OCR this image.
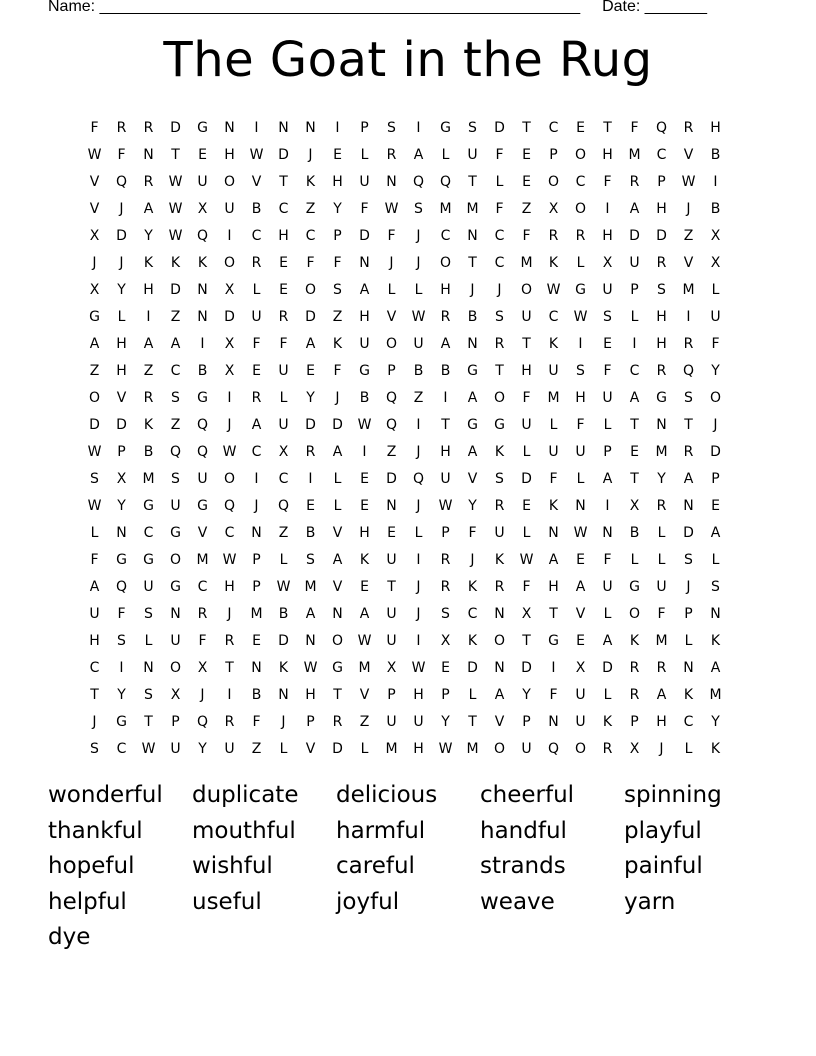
Name: ______________________________________________________ Date: _______
The Goat in the Rug
F	R	R	D	G	N	I	N	N	I	P	S	I	G	S	D	T	C	E	T	F	Q	R	H
W	F	N	T	E	H	W	D	J	E	L	R	A	L	U	F	E	P	O	H	M	C	V	B
V	Q	R	W	U	O	V	T	K	H	U	N	Q	Q	T	L	E	O	C	F	R	P	W	I
V	J	A	W	X	U	B	C	Z	Y	F	W	S	M	M	F	Z	X	O	I	A	H	J	B
X	D	Y	W	Q	I	C	H	C	P	D	F	J	C	N	C	F	R	R	H	D	D	Z	X
J	J	K	K	K	O	R	E	F	F	N	J	J	O	T	C	M	K	L	X	U	R	V	X
X	Y	H	D	N	X	L	E	O	S	A	L	L	H	J	J	O	W	G	U	P	S	M	L
G	L	I	Z	N	D	U	R	D	Z	H	V	W	R	B	S	U	C	W	S	L	H	I	U
A	H	A	A	I	X	F	F	A	K	U	O	U	A	N	R	T	K	I	E	I	H	R	F
Z	H	Z	C	B	X	E	U	E	F	G	P	B	B	G	T	H	U	S	F	C	R	Q	Y
O	V	R	S	G	I	R	L	Y	J	B	Q	Z	I	A	O	F	M	H	U	A	G	S	O
D	D	K	Z	Q	J	A	U	D	D	W	Q	I	T	G	G	U	L	F	L	T	N	T	J
W	P	B	Q	Q	W	C	X	R	A	I	Z	J	H	A	K	L	U	U	P	E	M	R	D
S	X	M	S	U	O	I	C	I	L	E	D	Q	U	V	S	D	F	L	A	T	Y	A	P
W	Y	G	U	G	Q	J	Q	E	L	E	N	J	W	Y	R	E	K	N	I	X	R	N	E
L	N	C	G	V	C	N	Z	B	V	H	E	L	P	F	U	L	N	W	N	B	L	D	A
F	G	G	O	M	W	P	L	S	A	K	U	I	R	J	K	W	A	E	F	L	L	S	L
A	Q	U	G	C	H	P	W	M	V	E	T	J	R	K	R	F	H	A	U	G	U	J	S
U	F	S	N	R	J	M	B	A	N	A	U	J	S	C	N	X	T	V	L	O	F	P	N
H	S	L	U	F	R	E	D	N	O	W	U	I	X	K	O	T	G	E	A	K	M	L	K
C	I	N	O	X	T	N	K	W	G	M	X	W	E	D	N	D	I	X	D	R	R	N	A
T	Y	S	X	J	I	B	N	H	T	V	P	H	P	L	A	Y	F	U	L	R	A	K	M
J	G	T	P	Q	R	F	J	P	R	Z	U	U	Y	T	V	P	N	U	K	P	H	C	Y
S	C	W	U	Y	U	Z	L	V	D	L	M	H	W	M	O	U	Q	O	R	X	J	L	K
wonderful	duplicate	delicious	cheerful	spinning
thankful	mouthful	harmful	handful	playful
hopeful	wishful	careful	strands	painful
helpful	useful	joyful	weave	yarn
dye
